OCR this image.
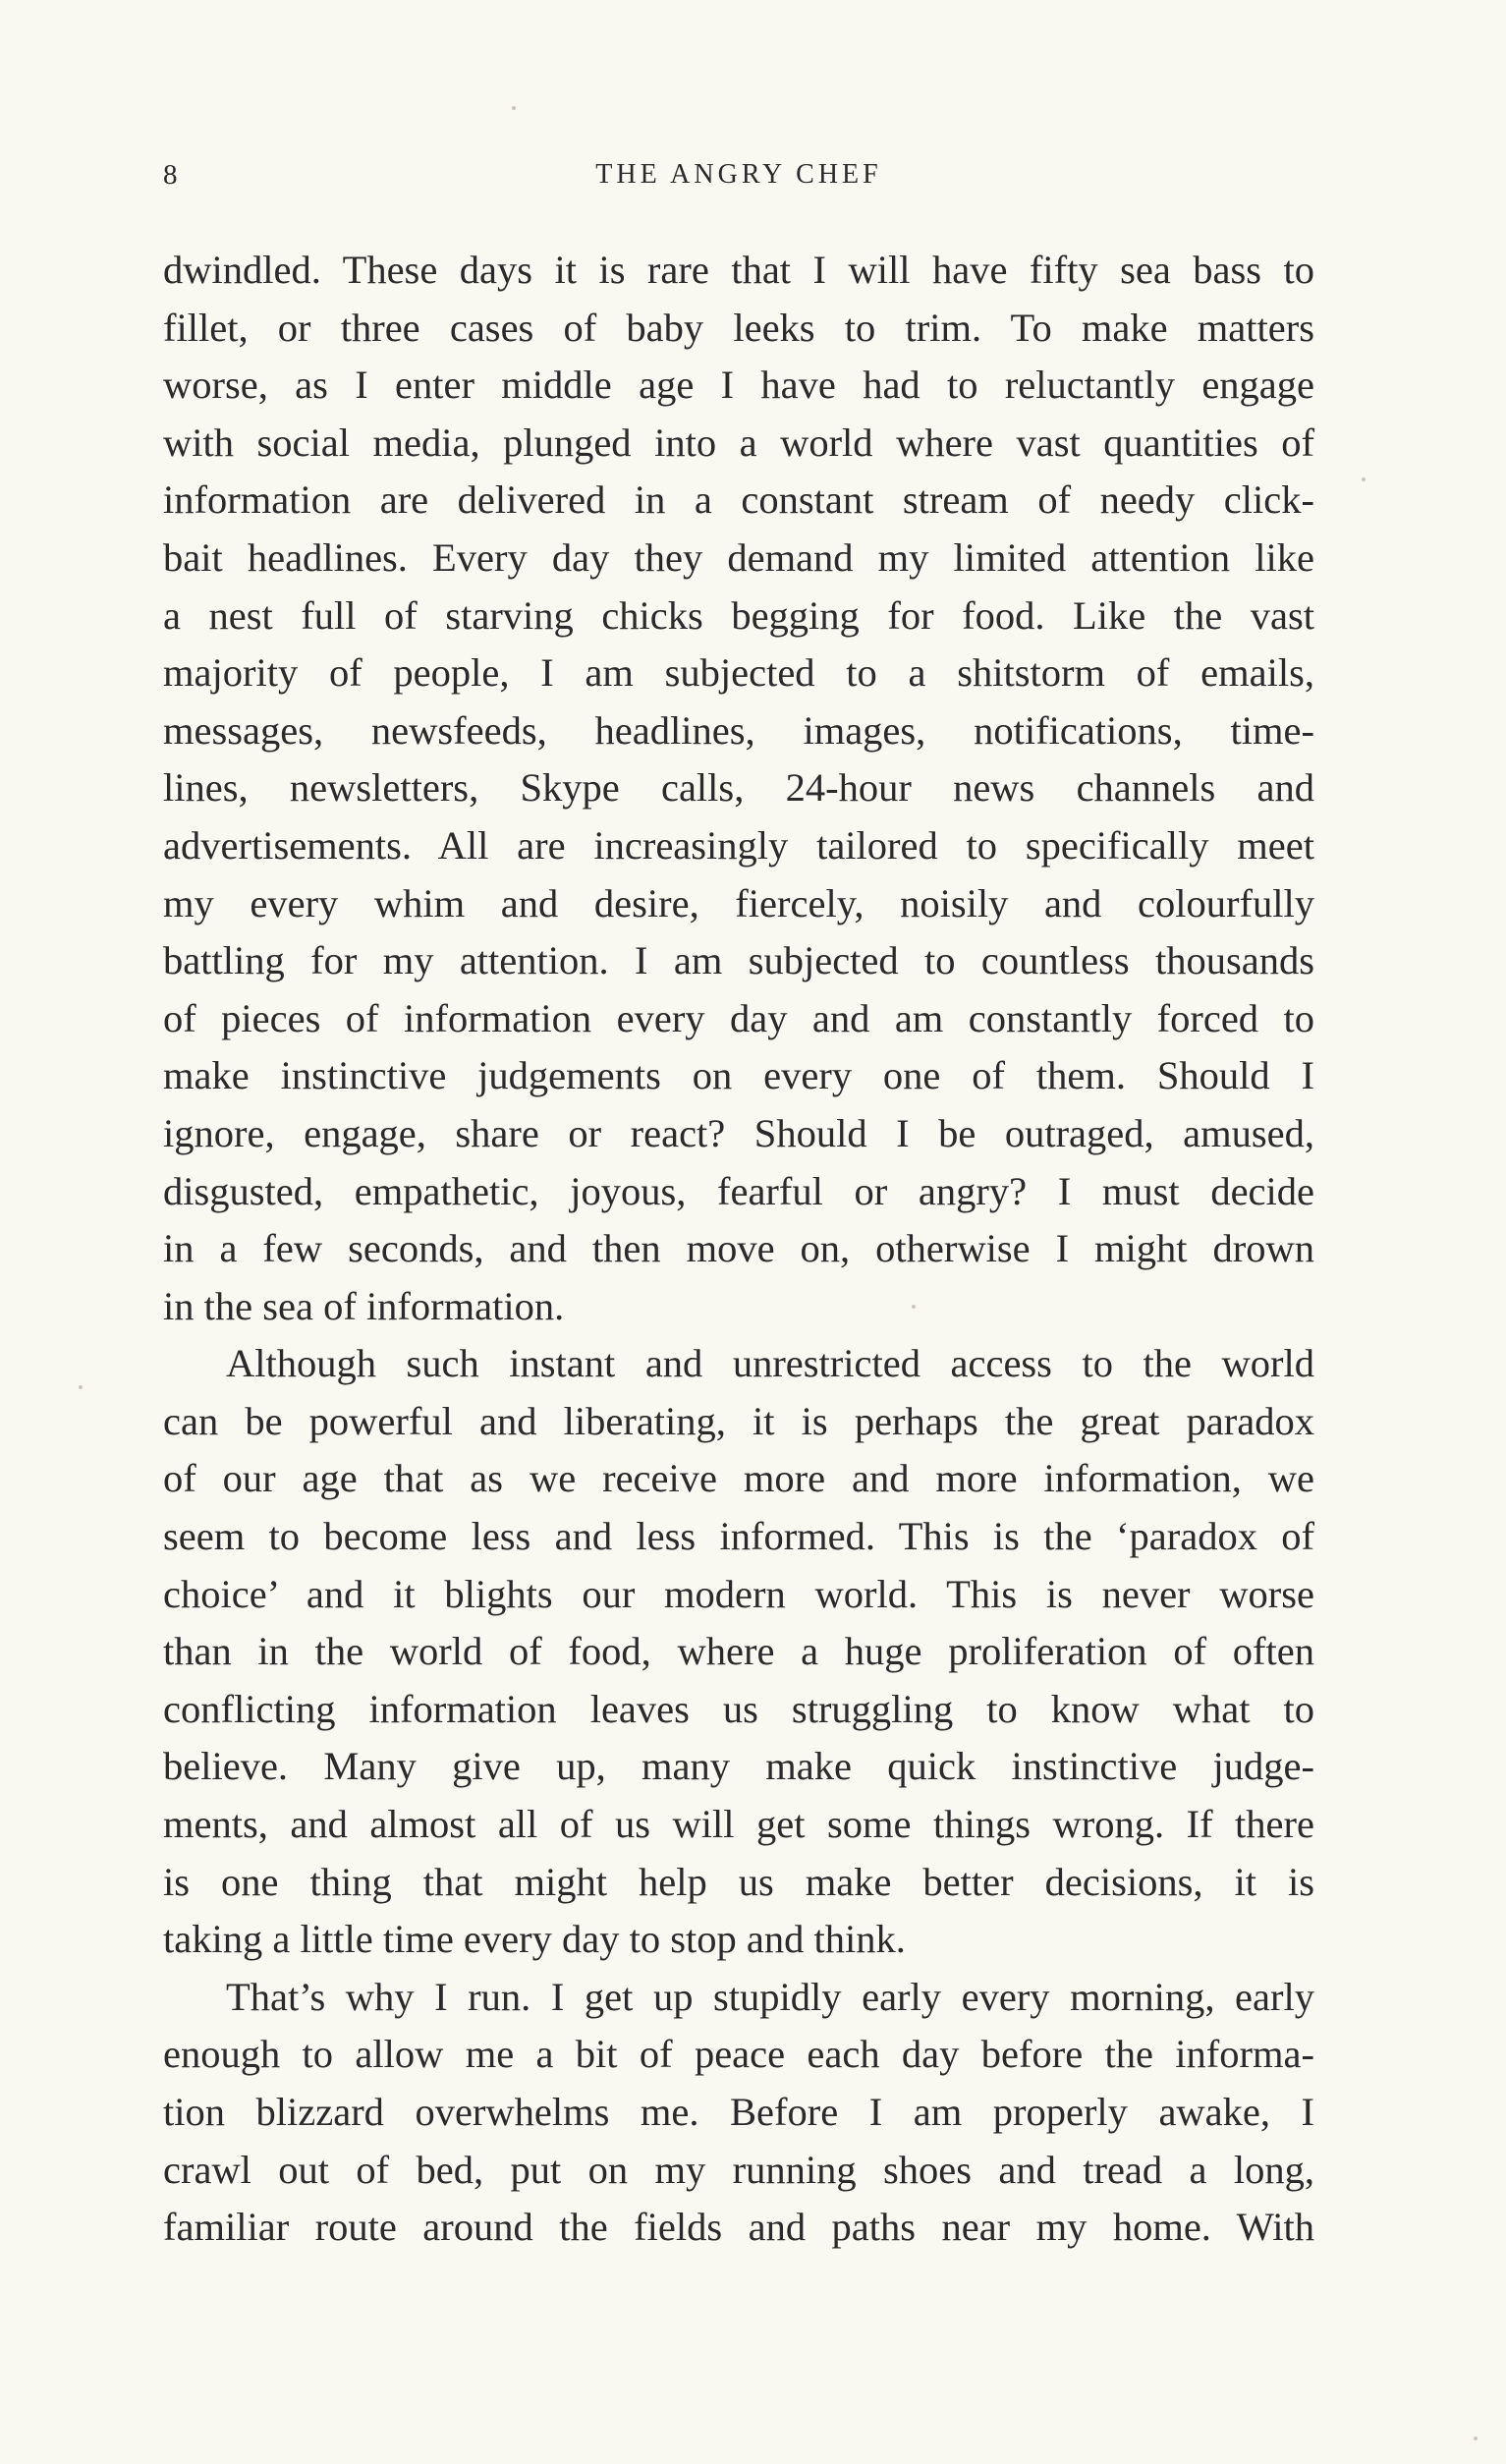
8	THE ANGRY CHEF
dwindled. These days it is rare that I will have fifty sea bass to
fillet, or three cases of baby leeks to trim. To make matters
worse, as I enter middle age I have had to reluctantly engage
with social media, plunged into a world where vast quantities of
information are delivered in a constant stream of needy click-
bait headlines. Every day they demand my limited attention like
a nest full of starving chicks begging for food. Like the vast
majority of people, I am subjected to a shitstorm of emails,
messages, newsfeeds, headlines, images, notifications, time-
lines, newsletters, Skype calls, 24-hour news channels and
advertisements. All are increasingly tailored to specifically meet
my every whim and desire, fiercely, noisily and colourfully
battling for my attention. I am subjected to countless thousands
of pieces of information every day and am constantly forced to
make instinctive judgements on every one of them. Should I
ignore, engage, share or react? Should I be outraged, amused,
disgusted, empathetic, joyous, fearful or angry? I must decide
in a few seconds, and then move on, otherwise I might drown
in the sea of information.
Although such instant and unrestricted access to the world
can be powerful and liberating, it is perhaps the great paradox
of our age that as we receive more and more information, we
seem to become less and less informed. This is the ‘paradox of
choice’ and it blights our modern world. This is never worse
than in the world of food, where a huge proliferation of often
conflicting information leaves us struggling to know what to
believe. Many give up, many make quick instinctive judge-
ments, and almost all of us will get some things wrong. If there
is one thing that might help us make better decisions, it is
taking a little time every day to stop and think.
That’s why I run. I get up stupidly early every morning, early
enough to allow me a bit of peace each day before the informa-
tion blizzard overwhelms me. Before I am properly awake, I
crawl out of bed, put on my running shoes and tread a long,
familiar route around the fields and paths near my home. With
